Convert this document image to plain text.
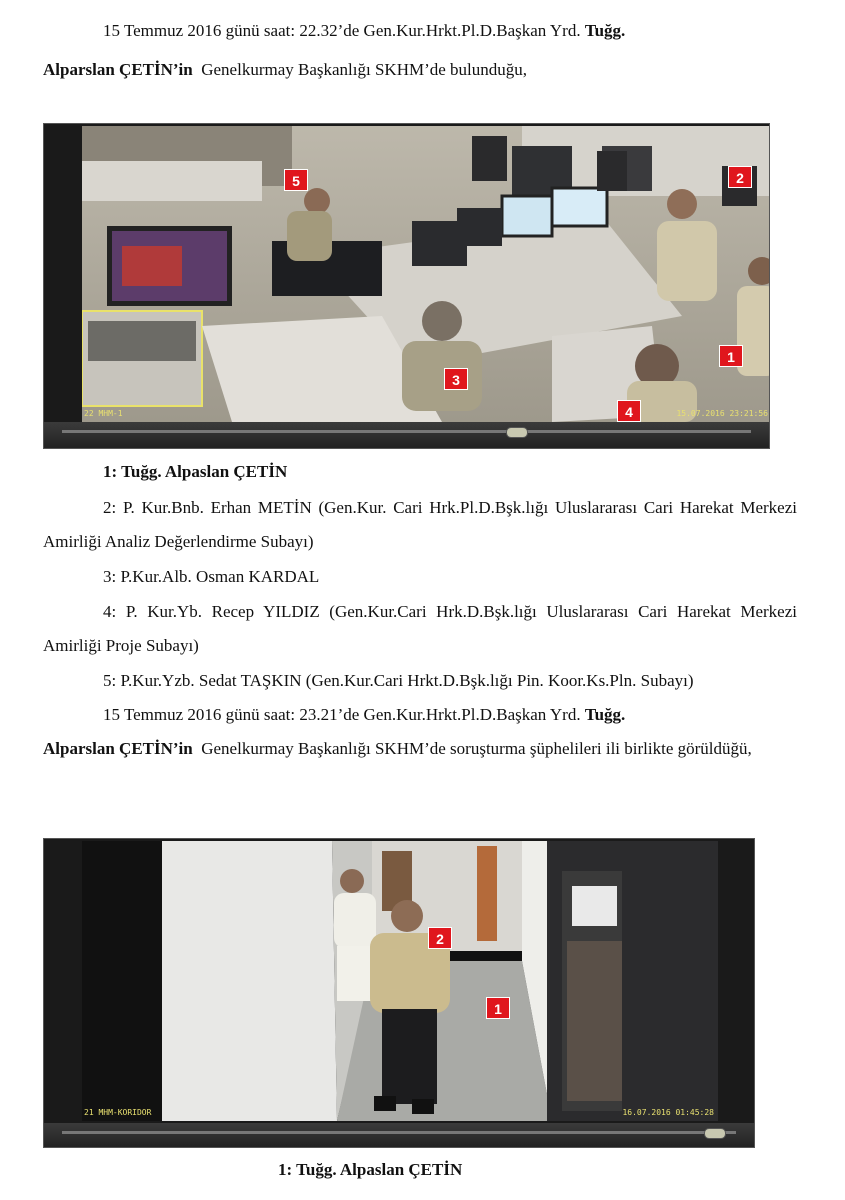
15 Temmuz 2016 günü saat: 22.32’de Gen.Kur.Hrkt.Pl.D.Başkan Yrd. Tuğg.

Alparslan ÇETİN’in Genelkurmay Başkanlığı SKHM’de bulunduğu,
22 MHM-1	15.07.2016 23:21:56
5	2
3
1
4
1: Tuğg. Alpaslan ÇETİN

2: P. Kur.Bnb. Erhan METİN (Gen.Kur. Cari Hrk.Pl.D.Bşk.lığı Uluslararası Cari Harekat Merkezi Amirliği Analiz Değerlendirme Subayı)

3: P.Kur.Alb. Osman KARDAL

4: P. Kur.Yb. Recep YILDIZ (Gen.Kur.Cari Hrk.D.Bşk.lığı Uluslararası Cari Harekat Merkezi Amirliği Proje Subayı)

5: P.Kur.Yzb. Sedat TAŞKIN (Gen.Kur.Cari Hrkt.D.Bşk.lığı Pin. Koor.Ks.Pln. Subayı)
15 Temmuz 2016 günü saat: 23.21’de Gen.Kur.Hrkt.Pl.D.Başkan Yrd. Tuğg.

Alparslan ÇETİN’in Genelkurmay Başkanlığı SKHM’de soruşturma şüphelileri ili birlikte görüldüğü,

21 MHM-KORIDOR	16.07.2016 01:45:28
2
1
1: Tuğg. Alpaslan ÇETİN
